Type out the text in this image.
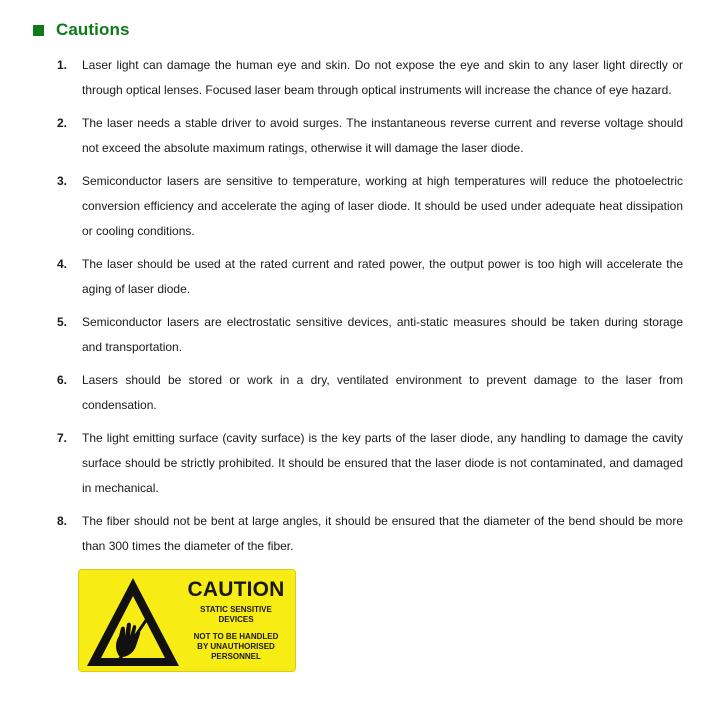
Cautions
1. Laser light can damage the human eye and skin. Do not expose the eye and skin to any laser light directly or through optical lenses. Focused laser beam through optical instruments will increase the chance of eye hazard.
2. The laser needs a stable driver to avoid surges. The instantaneous reverse current and reverse voltage should not exceed the absolute maximum ratings, otherwise it will damage the laser diode.
3. Semiconductor lasers are sensitive to temperature, working at high temperatures will reduce the photoelectric conversion efficiency and accelerate the aging of laser diode. It should be used under adequate heat dissipation or cooling conditions.
4. The laser should be used at the rated current and rated power, the output power is too high will accelerate the aging of laser diode.
5. Semiconductor lasers are electrostatic sensitive devices, anti-static measures should be taken during storage and transportation.
6. Lasers should be stored or work in a dry, ventilated environment to prevent damage to the laser from condensation.
7. The light emitting surface (cavity surface) is the key parts of the laser diode, any handling to damage the cavity surface should be strictly prohibited. It should be ensured that the laser diode is not contaminated, and damaged in mechanical.
8. The fiber should not be bent at large angles, it should be ensured that the diameter of the bend should be more than 300 times the diameter of the fiber.
CAUTION
STATIC SENSITIVE
DEVICES
NOT TO BE HANDLED
BY UNAUTHORISED
PERSONNEL
